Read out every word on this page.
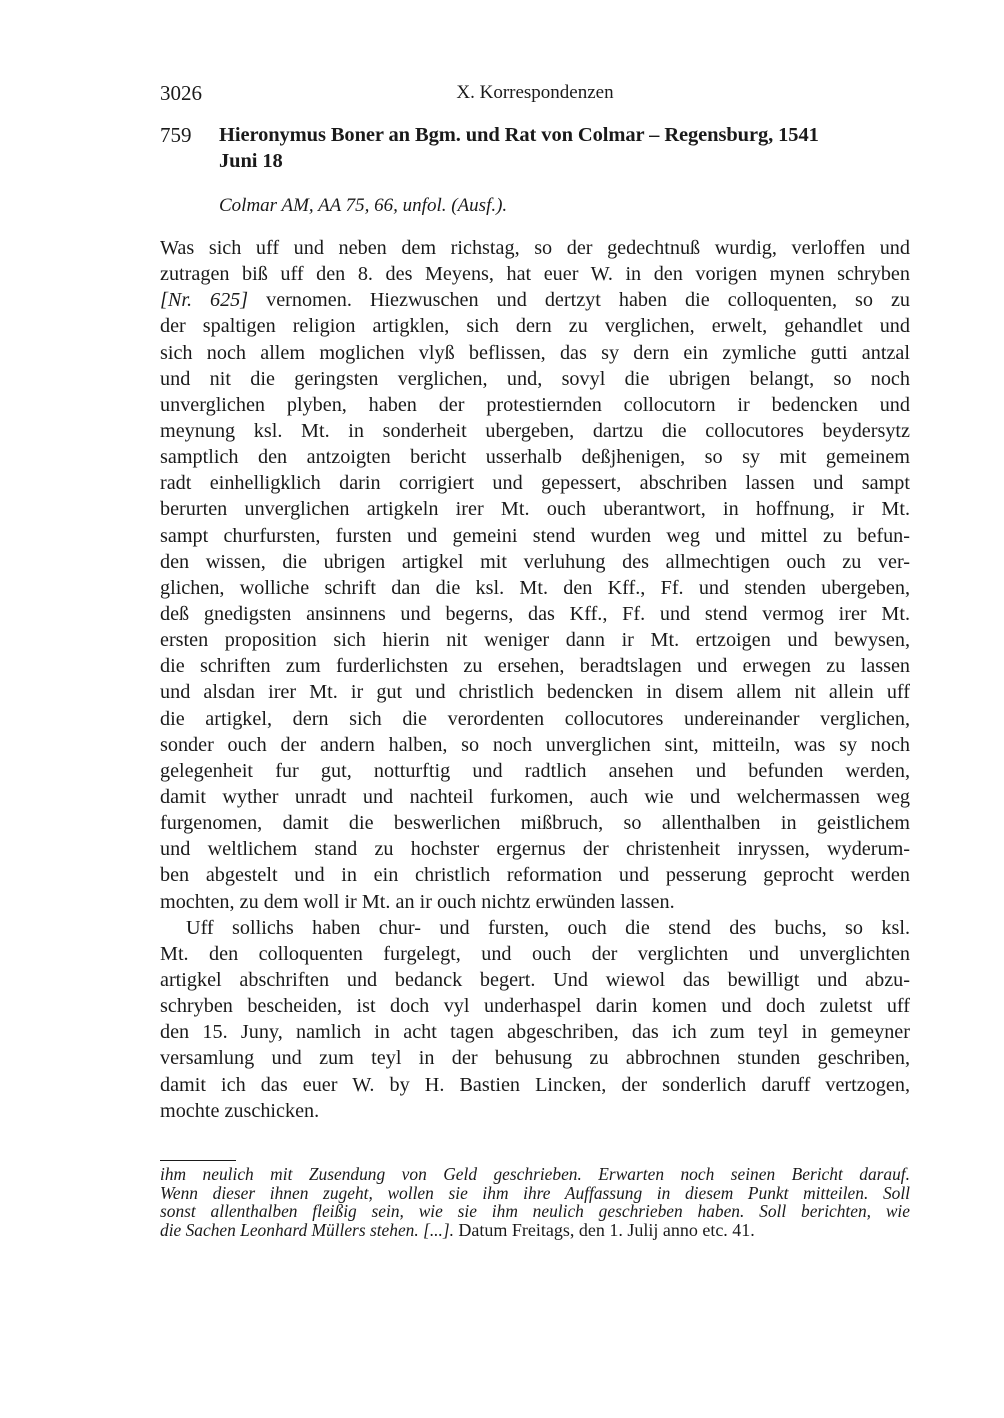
3026	X. Korrespondenzen
759 Hieronymus Boner an Bgm. und Rat von Colmar – Regensburg, 1541
Juni 18
Colmar AM, AA 75, 66, unfol. (Ausf.).

Was sich uff und neben dem richstag, so der gedechtnuß wurdig, verloffen und
zutragen biß uff den 8. des Meyens, hat euer W. in den vorigen mynen schryben
[Nr. 625] vernomen. Hiezwuschen und dertzyt haben die colloquenten, so zu
der spaltigen religion artigklen, sich dern zu verglichen, erwelt, gehandlet und
sich noch allem moglichen vlyß beflissen, das sy dern ein zymliche gutti antzal
und nit die geringsten verglichen, und, sovyl die ubrigen belangt, so noch
unverglichen plyben, haben der protestiernden collocutorn ir bedencken und
meynung ksl. Mt. in sonderheit ubergeben, dartzu die collocutores beydersytz
samptlich den antzoigten bericht usserhalb deßjhenigen, so sy mit gemeinem
radt einhelligklich darin corrigiert und gepessert, abschriben lassen und sampt
berurten unverglichen artigkeln irer Mt. ouch uberantwort, in hoffnung, ir Mt.
sampt churfursten, fursten und gemeini stend wurden weg und mittel zu befun-
den wissen, die ubrigen artigkel mit verluhung des allmechtigen ouch zu ver-
glichen, wolliche schrift dan die ksl. Mt. den Kff., Ff. und stenden ubergeben,
deß gnedigsten ansinnens und begerns, das Kff., Ff. und stend vermog irer Mt.
ersten proposition sich hierin nit weniger dann ir Mt. ertzoigen und bewysen,
die schriften zum furderlichsten zu ersehen, beradtslagen und erwegen zu lassen
und alsdan irer Mt. ir gut und christlich bedencken in disem allem nit allein uff
die artigkel, dern sich die verordenten collocutores undereinander verglichen,
sonder ouch der andern halben, so noch unverglichen sint, mitteiln, was sy noch
gelegenheit fur gut, notturftig und radtlich ansehen und befunden werden,
damit wyther unradt und nachteil furkomen, auch wie und welchermassen weg
furgenomen, damit die beswerlichen mißbruch, so allenthalben in geistlichem
und weltlichem stand zu hochster ergernus der christenheit inryssen, wyderum-
ben abgestelt und in ein christlich reformation und pesserung geprocht werden
mochten, zu dem woll ir Mt. an ir ouch nichtz erwünden lassen.

Uff sollichs haben chur- und fursten, ouch die stend des buchs, so ksl.
Mt. den colloquenten furgelegt, und ouch der verglichten und unverglichten
artigkel abschriften und bedanck begert. Und wiewol das bewilligt und abzu-
schryben bescheiden, ist doch vyl underhaspel darin komen und doch zuletst uff
den 15. Juny, namlich in acht tagen abgeschriben, das ich zum teyl in gemeyner
versamlung und zum teyl in der behusung zu abbrochnen stunden geschriben,
damit ich das euer W. by H. Bastien Lincken, der sonderlich daruff vertzogen,
mochte zuschicken.

ihm neulich mit Zusendung von Geld geschrieben. Erwarten noch seinen Bericht darauf.
Wenn dieser ihnen zugeht, wollen sie ihm ihre Auffassung in diesem Punkt mitteilen. Soll
sonst allenthalben fleißig sein, wie sie ihm neulich geschrieben haben. Soll berichten, wie
die Sachen Leonhard Müllers stehen. [...]. Datum Freitags, den 1. Julij anno etc. 41.
